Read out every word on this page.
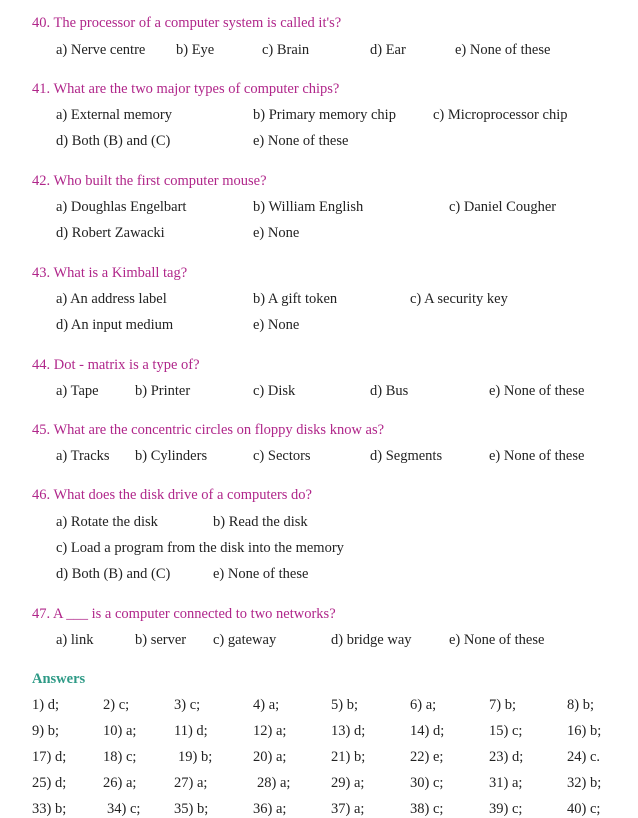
40. The processor of a computer system is called it's?
a) Nerve centre b) Eye	c) Brain	d) Ear	e) None of these
41. What are the two major types of computer chips?
a) External memory	b) Primary memory chip	c) Microprocessor chip
d) Both (B) and (C)	e) None of these
42. Who built the first computer mouse?
a) Doughlas Engelbart	b) William English	c) Daniel Cougher
d) Robert Zawacki	e) None
43. What is a Kimball tag?
a) An address label	b) A gift token	c) A security key
d) An input medium	e) None
44. Dot - matrix is a type of?
a) Tape	b) Printer	c) Disk	d) Bus	e) None of these
45. What are the concentric circles on floppy disks know as?
a) Tracks b) Cylinders	c) Sectors	d) Segments	e) None of these
46. What does the disk drive of a computers do?
a) Rotate the disk	b) Read the disk
c) Load a program from the disk into the memory
d) Both (B) and (C)	e) None of these
47. A ___ is a computer connected to two networks?
a) link	b) server c) gateway	d) bridge way	e) None of these
Answers
1) d;	2) c;	3) c;	4) a;	5) b;	6) a;	7) b;	8) b;
9) b;	10) a;	11) d;	12) a;	13) d;	14) d;	15) c;	16) b;
17) d;	18) c;	19) b;	20) a;	21) b;	22) e;	23) d;	24) c.
25) d;	26) a;	27) a;	28) a;	29) a;	30) c;	31) a;	32) b;
33) b;	34) c; 35) b;	36) a;	37) a;	38) c;	39) c;	40) c;
